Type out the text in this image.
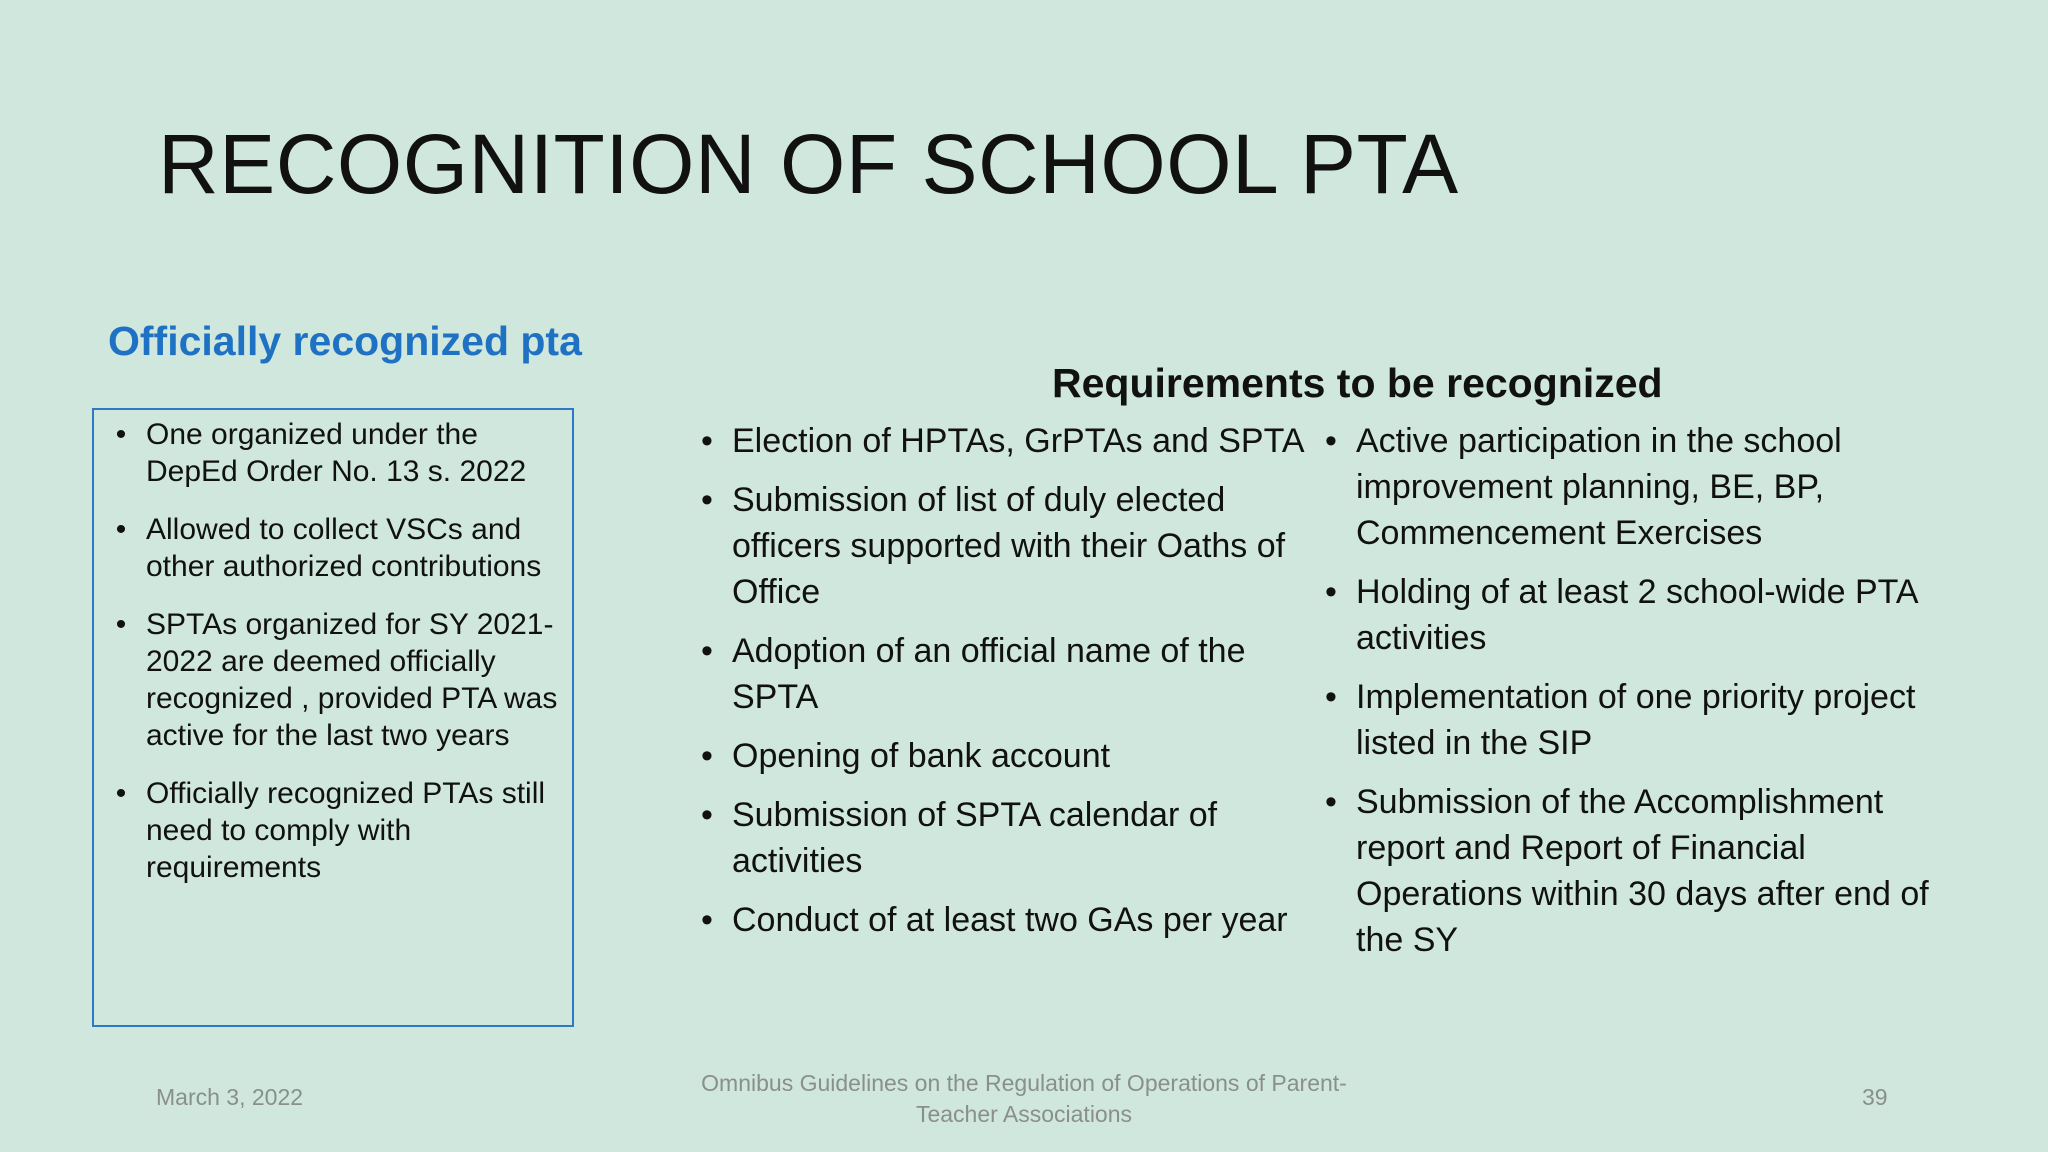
RECOGNITION OF SCHOOL PTA
Officially recognized pta
• One organized under the DepEd Order No. 13 s. 2022
• Allowed to collect VSCs and other authorized contributions
• SPTAs organized for SY 2021-2022 are deemed officially recognized , provided PTA was active for the last two years
• Officially recognized PTAs still need to comply with requirements
Requirements to be recognized
• Election of HPTAs, GrPTAs and SPTA
• Submission of list of duly elected officers supported with their Oaths of Office
• Adoption of an official name of the SPTA
• Opening of bank account
• Submission of SPTA calendar of activities
• Conduct of at least two GAs per year
• Active participation in the school improvement planning, BE, BP, Commencement Exercises
• Holding of at least 2 school-wide PTA activities
• Implementation of one priority project listed in the SIP
• Submission of the Accomplishment report and Report of Financial Operations within 30 days after end of the SY
March 3, 2022
Omnibus Guidelines on the Regulation of Operations of Parent-
Teacher Associations
39
